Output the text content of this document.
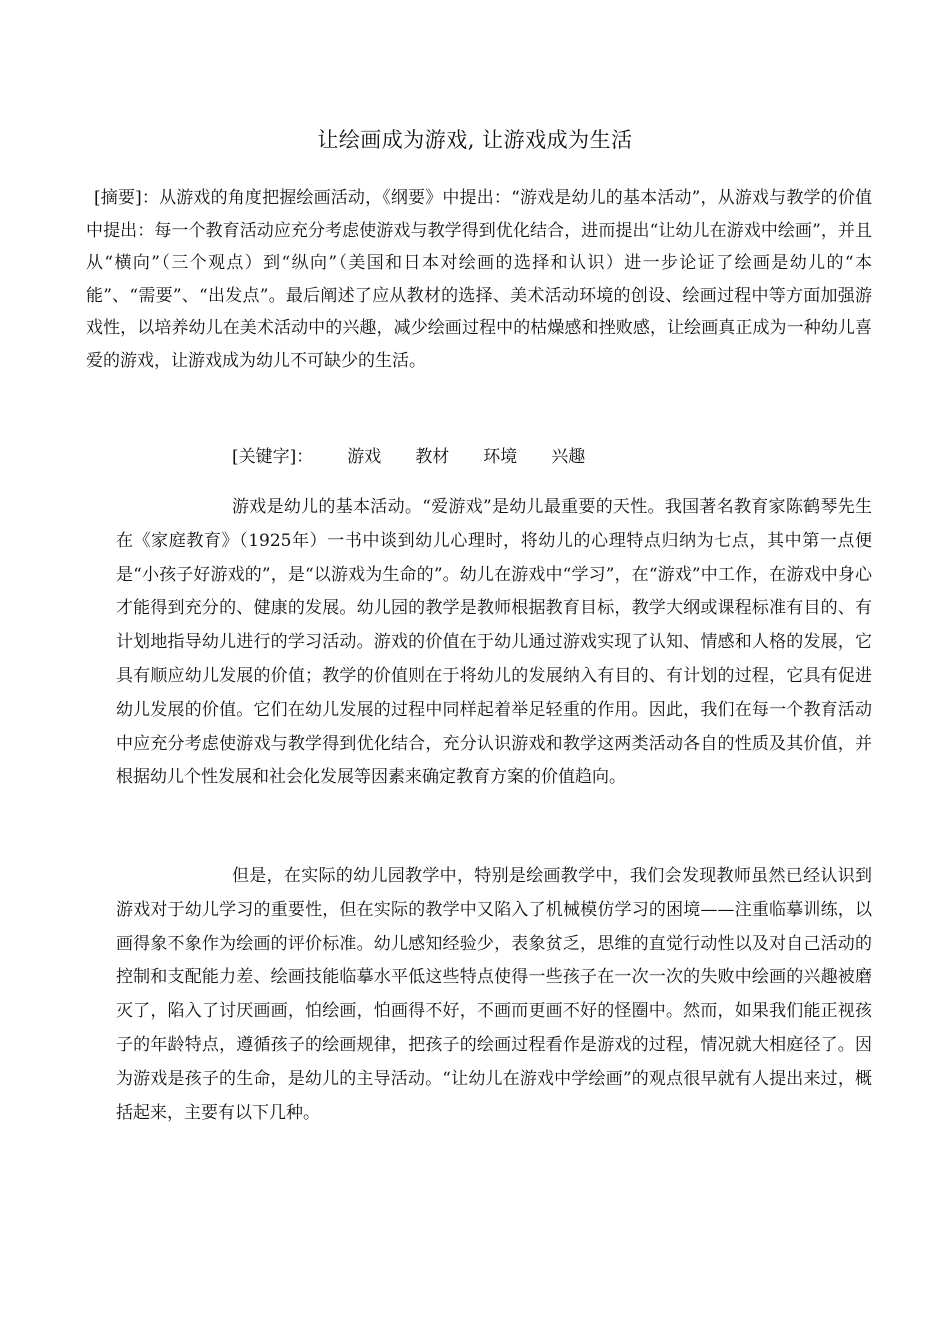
让绘画成为游戏, 让游戏成为生活
[摘要]：从游戏的角度把握绘画活动，《纲要》中提出：“游戏是幼儿的基本活动”，从游戏与教学的价值中提出：每一个教育活动应充分考虑使游戏与教学得到优化结合，进而提出“让幼儿在游戏中绘画”，并且从“横向”（三个观点）到“纵向”（美国和日本对绘画的选择和认识）进一步论证了绘画是幼儿的“本能”、“需要”、“出发点”。最后阐述了应从教材的选择、美术活动环境的创设、绘画过程中等方面加强游戏性，以培养幼儿在美术活动中的兴趣，减少绘画过程中的枯燥感和挫败感，让绘画真正成为一种幼儿喜爱的游戏，让游戏成为幼儿不可缺少的生活。
[关键字]： 游戏 教材 环境 兴趣
游戏是幼儿的基本活动。“爱游戏”是幼儿最重要的天性。我国著名教育家陈鹤琴先生在《家庭教育》（1925年）一书中谈到幼儿心理时，将幼儿的心理特点归纳为七点，其中第一点便是“小孩子好游戏的”，是“以游戏为生命的”。幼儿在游戏中“学习”，在“游戏”中工作，在游戏中身心才能得到充分的、健康的发展。幼儿园的教学是教师根据教育目标，教学大纲或课程标准有目的、有计划地指导幼儿进行的学习活动。游戏的价值在于幼儿通过游戏实现了认知、情感和人格的发展，它具有顺应幼儿发展的价值；教学的价值则在于将幼儿的发展纳入有目的、有计划的过程，它具有促进幼儿发展的价值。它们在幼儿发展的过程中同样起着举足轻重的作用。因此，我们在每一个教育活动中应充分考虑使游戏与教学得到优化结合，充分认识游戏和教学这两类活动各自的性质及其价值，并根据幼儿个性发展和社会化发展等因素来确定教育方案的价值趋向。
但是，在实际的幼儿园教学中，特别是绘画教学中，我们会发现教师虽然已经认识到游戏对于幼儿学习的重要性，但在实际的教学中又陷入了机械模仿学习的困境——注重临摹训练，以画得象不象作为绘画的评价标准。幼儿感知经验少，表象贫乏，思维的直觉行动性以及对自己活动的控制和支配能力差、绘画技能临摹水平低这些特点使得一些孩子在一次一次的失败中绘画的兴趣被磨灭了，陷入了讨厌画画，怕绘画，怕画得不好，不画而更画不好的怪圈中。然而，如果我们能正视孩子的年龄特点，遵循孩子的绘画规律，把孩子的绘画过程看作是游戏的过程，情况就大相庭径了。因为游戏是孩子的生命，是幼儿的主导活动。“让幼儿在游戏中学绘画”的观点很早就有人提出来过，概括起来，主要有以下几种。
